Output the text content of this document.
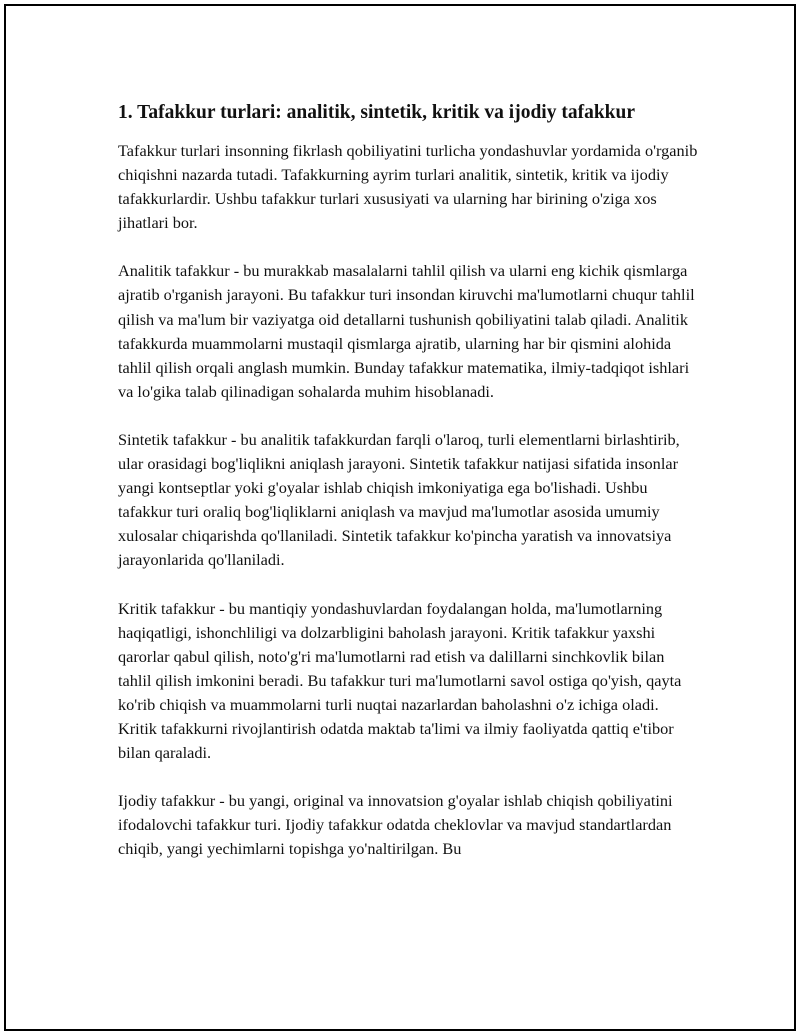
1. Tafakkur turlari: analitik, sintetik, kritik va ijodiy tafakkur

Tafakkur turlari insonning fikrlash qobiliyatini turlicha yondashuvlar yordamida o'rganib chiqishni nazarda tutadi. Tafakkurning ayrim turlari analitik, sintetik, kritik va ijodiy tafakkurlardir. Ushbu tafakkur turlari xususiyati va ularning har birining o'ziga xos jihatlari bor.

Analitik tafakkur - bu murakkab masalalarni tahlil qilish va ularni eng kichik qismlarga ajratib o'rganish jarayoni. Bu tafakkur turi insondan kiruvchi ma'lumotlarni chuqur tahlil qilish va ma'lum bir vaziyatga oid detallarni tushunish qobiliyatini talab qiladi. Analitik tafakkurda muammolarni mustaqil qismlarga ajratib, ularning har bir qismini alohida tahlil qilish orqali anglash mumkin. Bunday tafakkur matematika, ilmiy-tadqiqot ishlari va lo'gika talab qilinadigan sohalarda muhim hisoblanadi.

Sintetik tafakkur - bu analitik tafakkurdan farqli o'laroq, turli elementlarni birlashtirib, ular orasidagi bog'liqlikni aniqlash jarayoni. Sintetik tafakkur natijasi sifatida insonlar yangi kontseptlar yoki g'oyalar ishlab chiqish imkoniyatiga ega bo'lishadi. Ushbu tafakkur turi oraliq bog'liqliklarni aniqlash va mavjud ma'lumotlar asosida umumiy xulosalar chiqarishda qo'llaniladi. Sintetik tafakkur ko'pincha yaratish va innovatsiya jarayonlarida qo'llaniladi.

Kritik tafakkur - bu mantiqiy yondashuvlardan foydalangan holda, ma'lumotlarning haqiqatligi, ishonchliligi va dolzarbligini baholash jarayoni. Kritik tafakkur yaxshi qarorlar qabul qilish, noto'g'ri ma'lumotlarni rad etish va dalillarni sinchkovlik bilan tahlil qilish imkonini beradi. Bu tafakkur turi ma'lumotlarni savol ostiga qo'yish, qayta ko'rib chiqish va muammolarni turli nuqtai nazarlardan baholashni o'z ichiga oladi. Kritik tafakkurni rivojlantirish odatda maktab ta'limi va ilmiy faoliyatda qattiq e'tibor bilan qaraladi.

Ijodiy tafakkur - bu yangi, original va innovatsion g'oyalar ishlab chiqish qobiliyatini ifodalovchi tafakkur turi. Ijodiy tafakkur odatda cheklovlar va mavjud standartlardan chiqib, yangi yechimlarni topishga yo'naltirilgan. Bu
